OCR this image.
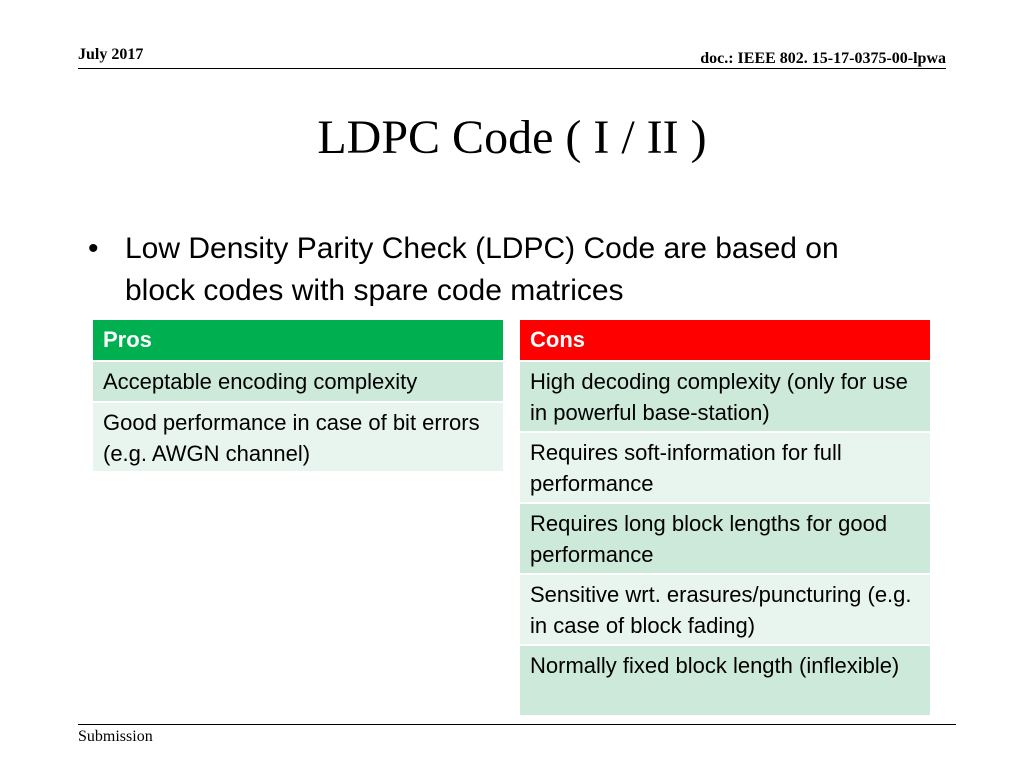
July 2017	doc.: IEEE 802. 15-17-0375-00-lpwa
LDPC Code ( I / II )
• Low Density Parity Check (LDPC) Code are based on block codes with spare code matrices
Pros
Acceptable encoding complexity
Good performance in case of bit errors (e.g. AWGN channel)
Cons
High decoding complexity (only for use in powerful base-station)
Requires soft-information for full performance
Requires long block lengths for good performance
Sensitive wrt. erasures/puncturing (e.g. in case of block fading)
Normally fixed block length (inflexible)
Submission
